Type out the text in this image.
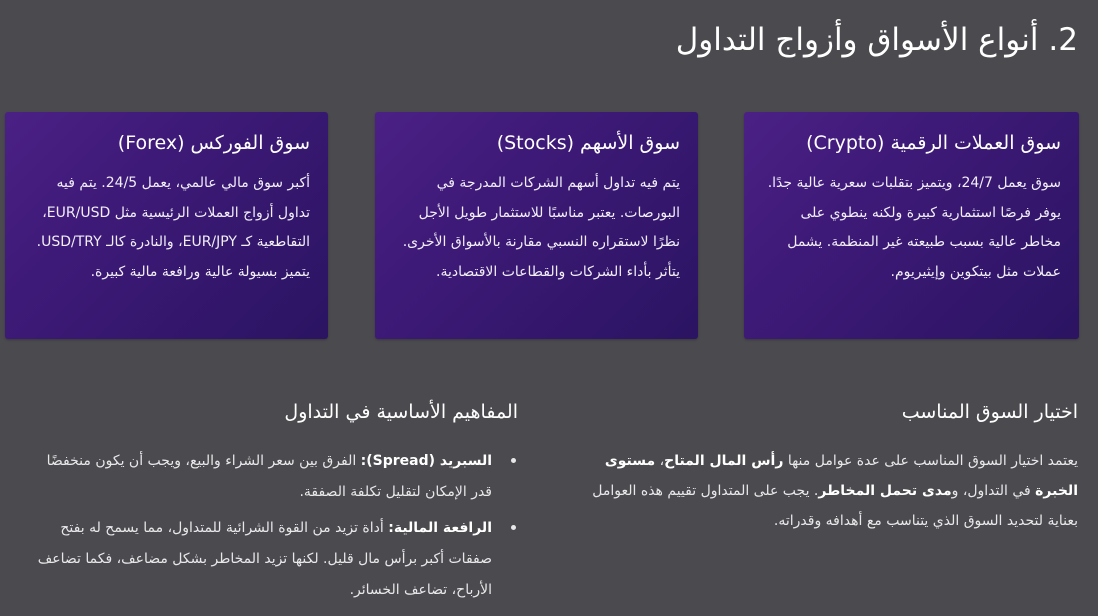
2. أنواع الأسواق وأزواج التداول
سوق العملات الرقمية (Crypto)

سوق يعمل 24/7، ويتميز بتقلبات سعرية عالية جدًا. يوفر فرصًا استثمارية كبيرة ولكنه ينطوي على مخاطر عالية بسبب طبيعته غير المنظمة. يشمل عملات مثل بيتكوين وإيثيريوم.

سوق الأسهم (Stocks)

يتم فيه تداول أسهم الشركات المدرجة في البورصات. يعتبر مناسبًا للاستثمار طويل الأجل نظرًا لاستقراره النسبي مقارنة بالأسواق الأخرى. يتأثر بأداء الشركات والقطاعات الاقتصادية.

سوق الفوركس (Forex)

أكبر سوق مالي عالمي، يعمل 24/5. يتم فيه تداول أزواج العملات الرئيسية مثل EUR/USD، التقاطعية كـ EUR/JPY، والنادرة كالـ USD/TRY. يتميز بسيولة عالية ورافعة مالية كبيرة.

اختيار السوق المناسب

يعتمد اختيار السوق المناسب على عدة عوامل منها رأس المال المتاح، مستوى الخبرة في التداول، ومدى تحمل المخاطر. يجب على المتداول تقييم هذه العوامل بعناية لتحديد السوق الذي يتناسب مع أهدافه وقدراته.

المفاهيم الأساسية في التداول
السبريد (Spread): الفرق بين سعر الشراء والبيع، ويجب أن يكون منخفضًا قدر الإمكان لتقليل تكلفة الصفقة.
الرافعة المالية: أداة تزيد من القوة الشرائية للمتداول، مما يسمح له بفتح صفقات أكبر برأس مال قليل. لكنها تزيد المخاطر بشكل مضاعف، فكما تضاعف الأرباح، تضاعف الخسائر.
